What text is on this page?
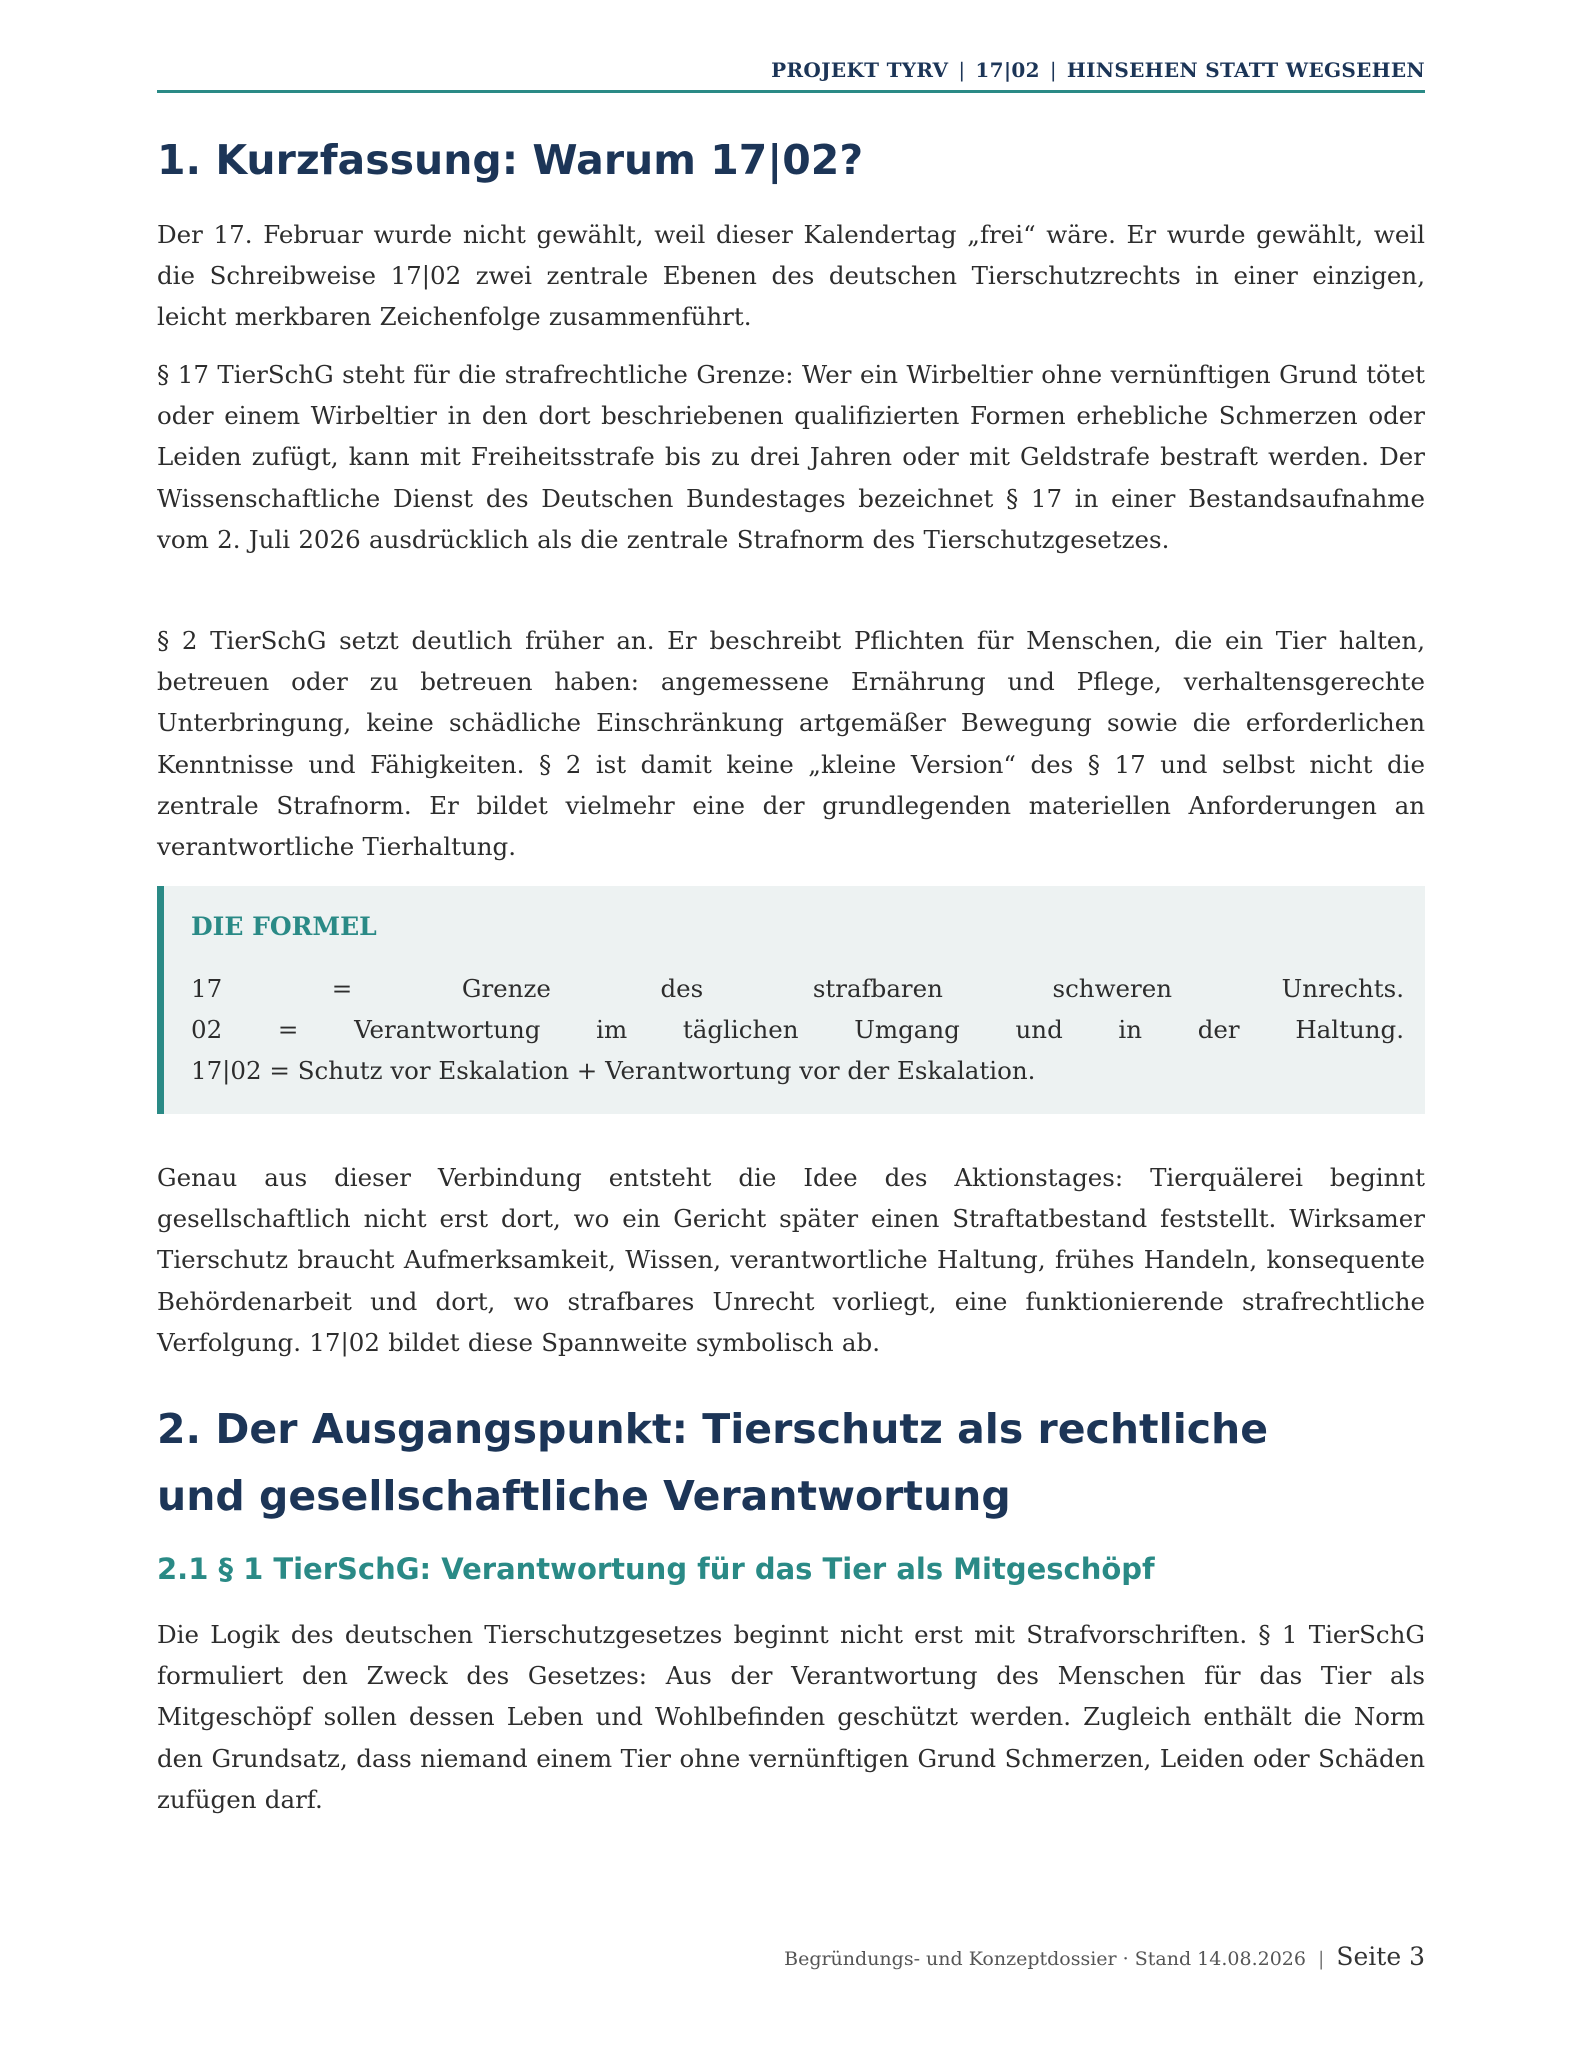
PROJEKT TYRV | 17|02 | HINSEHEN STATT WEGSEHEN
1. Kurzfassung: Warum 17|02?

Der 17. Februar wurde nicht gewählt, weil dieser Kalendertag „frei“ wäre. Er wurde gewählt, weil die Schreibweise 17|02 zwei zentrale Ebenen des deutschen Tierschutzrechts in einer einzigen, leicht merkbaren Zeichenfolge zusammenführt.

§ 17 TierSchG steht für die strafrechtliche Grenze: Wer ein Wirbeltier ohne vernünftigen Grund tötet oder einem Wirbeltier in den dort beschriebenen qualifizierten Formen erhebliche Schmerzen oder Leiden zufügt, kann mit Freiheitsstrafe bis zu drei Jahren oder mit Geldstrafe bestraft werden. Der Wissenschaftliche Dienst des Deutschen Bundestages bezeichnet § 17 in einer Bestandsaufnahme vom 2. Juli 2026 ausdrücklich als die zentrale Strafnorm des Tierschutzgesetzes.

§ 2 TierSchG setzt deutlich früher an. Er beschreibt Pflichten für Menschen, die ein Tier halten, betreuen oder zu betreuen haben: angemessene Ernährung und Pflege, verhaltensgerechte Unterbringung, keine schädliche Einschränkung artgemäßer Bewegung sowie die erforderlichen Kenntnisse und Fähigkeiten. § 2 ist damit keine „kleine Version“ des § 17 und selbst nicht die zentrale Strafnorm. Er bildet vielmehr eine der grundlegenden materiellen Anforderungen an verantwortliche Tierhaltung.

DIE FORMEL
17 = Grenze des strafbaren schweren Unrechts.
02 = Verantwortung im täglichen Umgang und in der Haltung.
17|02 = Schutz vor Eskalation + Verantwortung vor der Eskalation.

Genau aus dieser Verbindung entsteht die Idee des Aktionstages: Tierquälerei beginnt gesellschaftlich nicht erst dort, wo ein Gericht später einen Straftatbestand feststellt. Wirksamer Tierschutz braucht Aufmerksamkeit, Wissen, verantwortliche Haltung, frühes Handeln, konsequente Behördenarbeit und dort, wo strafbares Unrecht vorliegt, eine funktionierende strafrechtliche Verfolgung. 17|02 bildet diese Spannweite symbolisch ab.

2. Der Ausgangspunkt: Tierschutz als rechtliche und gesellschaftliche Verantwortung
2.1 § 1 TierSchG: Verantwortung für das Tier als Mitgeschöpf

Die Logik des deutschen Tierschutzgesetzes beginnt nicht erst mit Strafvorschriften. § 1 TierSchG formuliert den Zweck des Gesetzes: Aus der Verantwortung des Menschen für das Tier als Mitgeschöpf sollen dessen Leben und Wohlbefinden geschützt werden. Zugleich enthält die Norm den Grundsatz, dass niemand einem Tier ohne vernünftigen Grund Schmerzen, Leiden oder Schäden zufügen darf.

Begründungs- und Konzeptdossier · Stand 14.08.2026 | Seite 3
